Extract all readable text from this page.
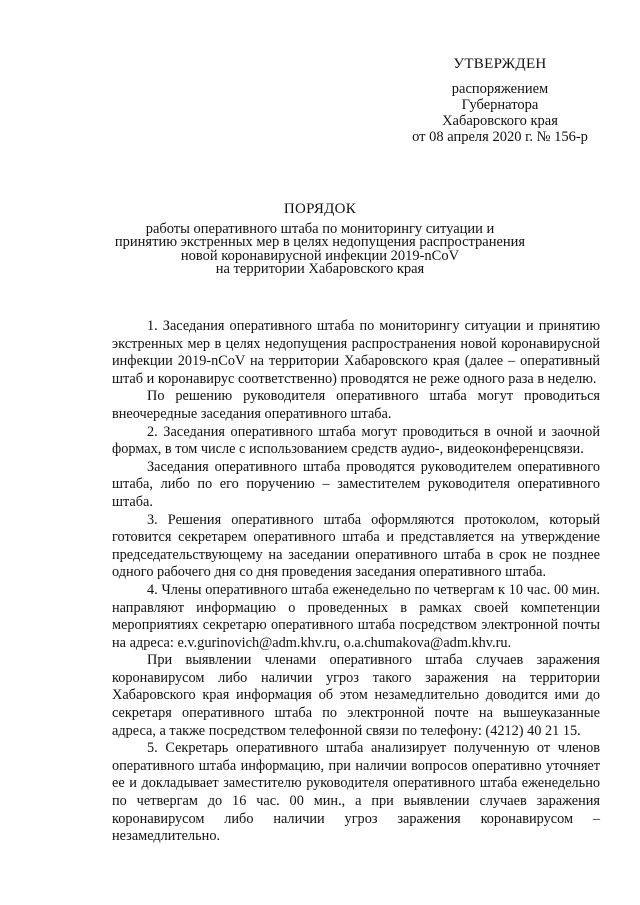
УТВЕРЖДЕН
распоряжением
Губернатора
Хабаровского края
от 08 апреля 2020 г. № 156-р
ПОРЯДОК
работы оперативного штаба по мониторингу ситуации и
принятию экстренных мер в целях недопущения распространения
новой коронавирусной инфекции 2019-nCoV
на территории Хабаровского края

1. Заседания оперативного штаба по мониторингу ситуации и принятию экстренных мер в целях недопущения распространения новой коронавирусной инфекции 2019-nCoV на территории Хабаровского края (далее – оперативный штаб и коронавирус соответственно) проводятся не реже одного раза в неделю.

По решению руководителя оперативного штаба могут проводиться внеочередные заседания оперативного штаба.

2. Заседания оперативного штаба могут проводиться в очной и заочной формах, в том числе с использованием средств аудио-, видеоконференцсвязи.

Заседания оперативного штаба проводятся руководителем оперативного штаба, либо по его поручению – заместителем руководителя оперативного штаба.

3. Решения оперативного штаба оформляются протоколом, который готовится секретарем оперативного штаба и представляется на утверждение председательствующему на заседании оперативного штаба в срок не позднее одного рабочего дня со дня проведения заседания оперативного штаба.

4. Члены оперативного штаба еженедельно по четвергам к 10 час. 00 мин. направляют информацию о проведенных в рамках своей компетенции мероприятиях секретарю оперативного штаба посредством электронной почты на адреса: e.v.gurinovich@adm.khv.ru, o.a.chumakova@adm.khv.ru.

При выявлении членами оперативного штаба случаев заражения коронавирусом либо наличии угроз такого заражения на территории Хабаровского края информация об этом незамедлительно доводится ими до секретаря оперативного штаба по электронной почте на вышеуказанные адреса, а также посредством телефонной связи по телефону: (4212) 40 21 15.

5. Секретарь оперативного штаба анализирует полученную от членов оперативного штаба информацию, при наличии вопросов оперативно уточняет ее и докладывает заместителю руководителя оперативного штаба еженедельно по четвергам до 16 час. 00 мин., а при выявлении случаев заражения коронавирусом либо наличии угроз заражения коронавирусом – незамедлительно.
